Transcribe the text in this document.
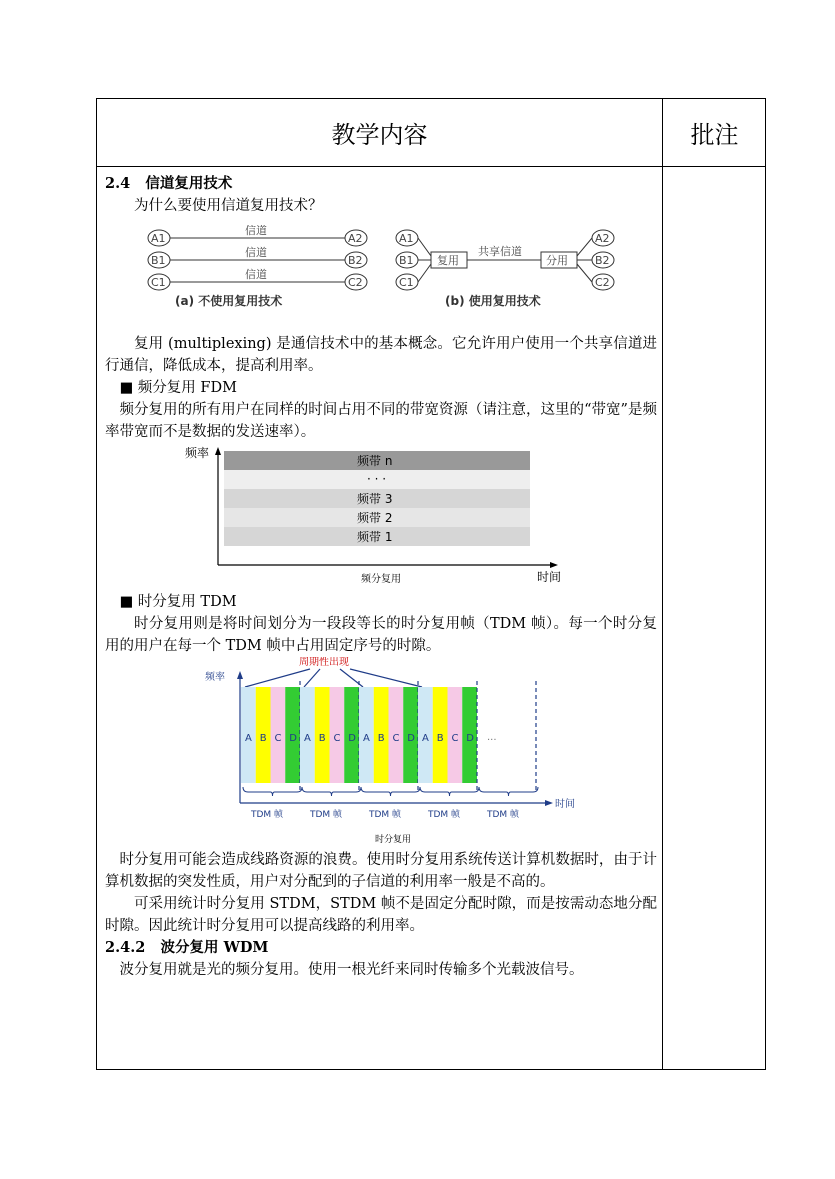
教学内容	批注

2.4 信道复用技术

为什么要使用信道复用技术？

A1
B1
C1
信道
信道
信道
A2
B2
C2
(a) 不使用复用技术
A1
B1
C1
复用
共享信道
分用
A2
B2
C2
(b) 使用复用技术

复用 (multiplexing) 是通信技术中的基本概念。它允许用户使用一个共享信道进行通信，降低成本，提高利用率。

■ 频分复用 FDM

频分复用的所有用户在同样的时间占用不同的带宽资源（请注意，这里的“带宽”是频率带宽而不是数据的发送速率）。

频率
时间
频带 n
· · ·
频带 3
频带 2
频带 1
频分复用

■ 时分复用 TDM

时分复用则是将时间划分为一段段等长的时分复用帧（TDM 帧）。每一个时分复用的用户在每一个 TDM 帧中占用固定序号的时隙。

频率
周期性出现
时间
A B C D A B C D A B C D A B C D ···
TDM 帧	TDM 帧	TDM 帧	TDM 帧	TDM 帧
时分复用

时分复用可能会造成线路资源的浪费。使用时分复用系统传送计算机数据时，由于计算机数据的突发性质，用户对分配到的子信道的利用率一般是不高的。

可采用统计时分复用 STDM，STDM 帧不是固定分配时隙，而是按需动态地分配时隙。因此统计时分复用可以提高线路的利用率。

2.4.2 波分复用 WDM

波分复用就是光的频分复用。使用一根光纤来同时传输多个光载波信号。
